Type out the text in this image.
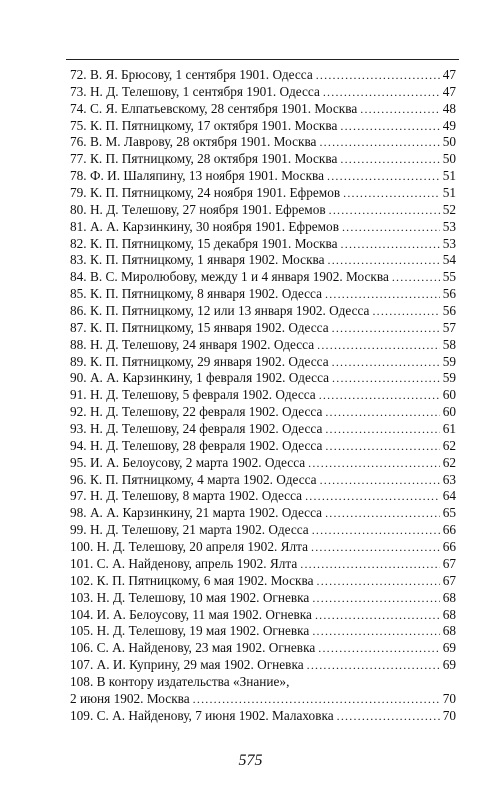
72. В. Я. Брюсову, 1 сентября 1901. Одесса .....	47
73. Н. Д. Телешову, 1 сентября 1901. Одесса .....	47
74. С. Я. Елпатьевскому, 28 сентября 1901. Москва .....	48
75. К. П. Пятницкому, 17 октября 1901. Москва .....	49
76. В. М. Лаврову, 28 октября 1901. Москва .....	50
77. К. П. Пятницкому, 28 октября 1901. Москва .....	50
78. Ф. И. Шаляпину, 13 ноября 1901. Москва .....	51
79. К. П. Пятницкому, 24 ноября 1901. Ефремов .....	51
80. Н. Д. Телешову, 27 ноября 1901. Ефремов .....	52
81. А. А. Карзинкину, 30 ноября 1901. Ефремов .....	53
82. К. П. Пятницкому, 15 декабря 1901. Москва .....	53
83. К. П. Пятницкому, 1 января 1902. Москва .....	54
84. В. С. Миролюбову, между 1 и 4 января 1902. Москва .....	55
85. К. П. Пятницкому, 8 января 1902. Одесса .....	56
86. К. П. Пятницкому, 12 или 13 января 1902. Одесса .....	56
87. К. П. Пятницкому, 15 января 1902. Одесса .....	57
88. Н. Д. Телешову, 24 января 1902. Одесса .....	58
89. К. П. Пятницкому, 29 января 1902. Одесса .....	59
90. А. А. Карзинкину, 1 февраля 1902. Одесса .....	59
91. Н. Д. Телешову, 5 февраля 1902. Одесса .....	60
92. Н. Д. Телешову, 22 февраля 1902. Одесса .....	60
93. Н. Д. Телешову, 24 февраля 1902. Одесса .....	61
94. Н. Д. Телешову, 28 февраля 1902. Одесса .....	62
95. И. А. Белоусову, 2 марта 1902. Одесса .....	62
96. К. П. Пятницкому, 4 марта 1902. Одесса .....	63
97. Н. Д. Телешову, 8 марта 1902. Одесса .....	64
98. А. А. Карзинкину, 21 марта 1902. Одесса .....	65
99. Н. Д. Телешову, 21 марта 1902. Одесса .....	66
100. Н. Д. Телешову, 20 апреля 1902. Ялта .....	66
101. С. А. Найденову, апрель 1902. Ялта .....	67
102. К. П. Пятницкому, 6 мая 1902. Москва .....	67
103. Н. Д. Телешову, 10 мая 1902. Огневка .....	68
104. И. А. Белоусову, 11 мая 1902. Огневка .....	68
105. Н. Д. Телешову, 19 мая 1902. Огневка .....	68
106. С. А. Найденову, 23 мая 1902. Огневка .....	69
107. А. И. Куприну, 29 мая 1902. Огневка .....	69
108. В контору издательства «Знание»,
2 июня 1902. Москва .....	70
109. С. А. Найденову, 7 июня 1902. Малаховка .....	70
575
